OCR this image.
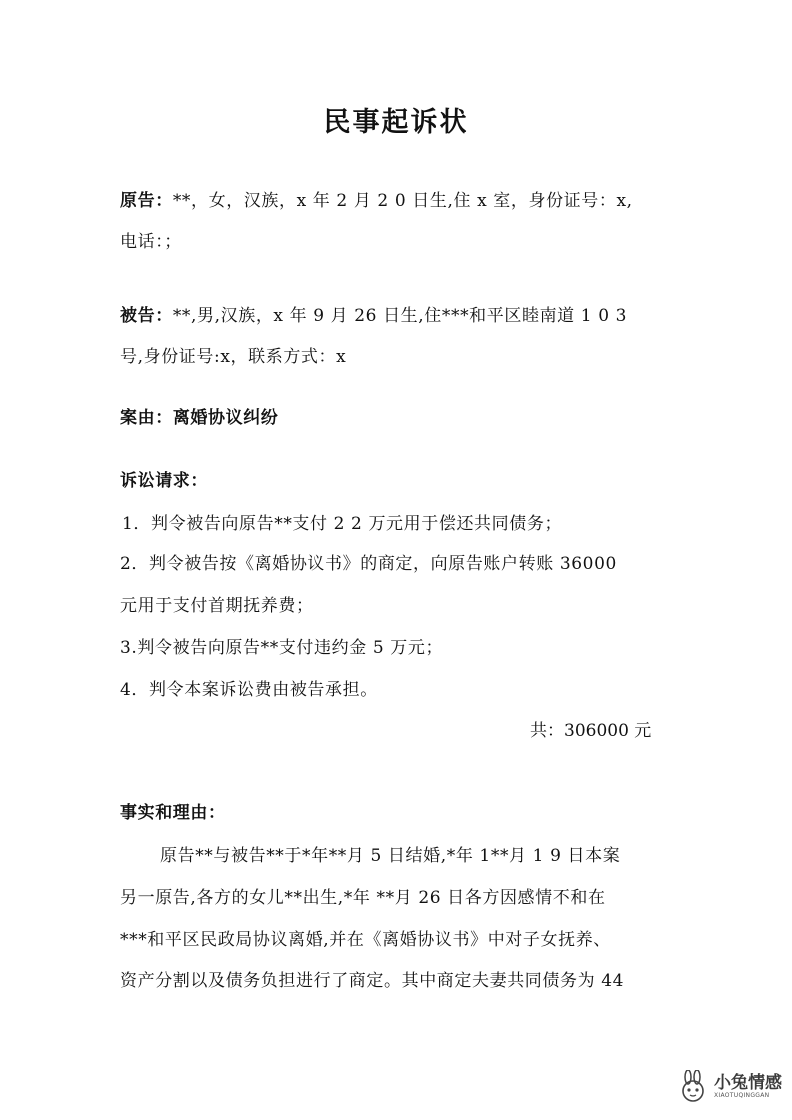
民事起诉状
原告：**，女，汉族，x 年 2 月 2 0 日生,住 x 室，身份证号：x,
电话：；
被告：**,男,汉族，x 年 9 月 26 日生,住***和平区睦南道 1 0 3
号,身份证号:x，联系方式：x
案由：离婚协议纠纷
诉讼请求：
1．判令被告向原告**支付 2 2 万元用于偿还共同债务；
2．判令被告按《离婚协议书》的商定，向原告账户转账 36000
元用于支付首期抚养费；
3.判令被告向原告**支付违约金 5 万元；
4．判令本案诉讼费由被告承担。
共：306000 元
事实和理由：
原告**与被告**于*年**月 5 日结婚,*年 1**月 1 9 日本案
另一原告,各方的女儿**出生,*年 **月 26 日各方因感情不和在
***和平区民政局协议离婚,并在《离婚协议书》中对子女抚养、
资产分割以及债务负担进行了商定。其中商定夫妻共同债务为 44
小兔情感
XIAOTUQINGGAN
